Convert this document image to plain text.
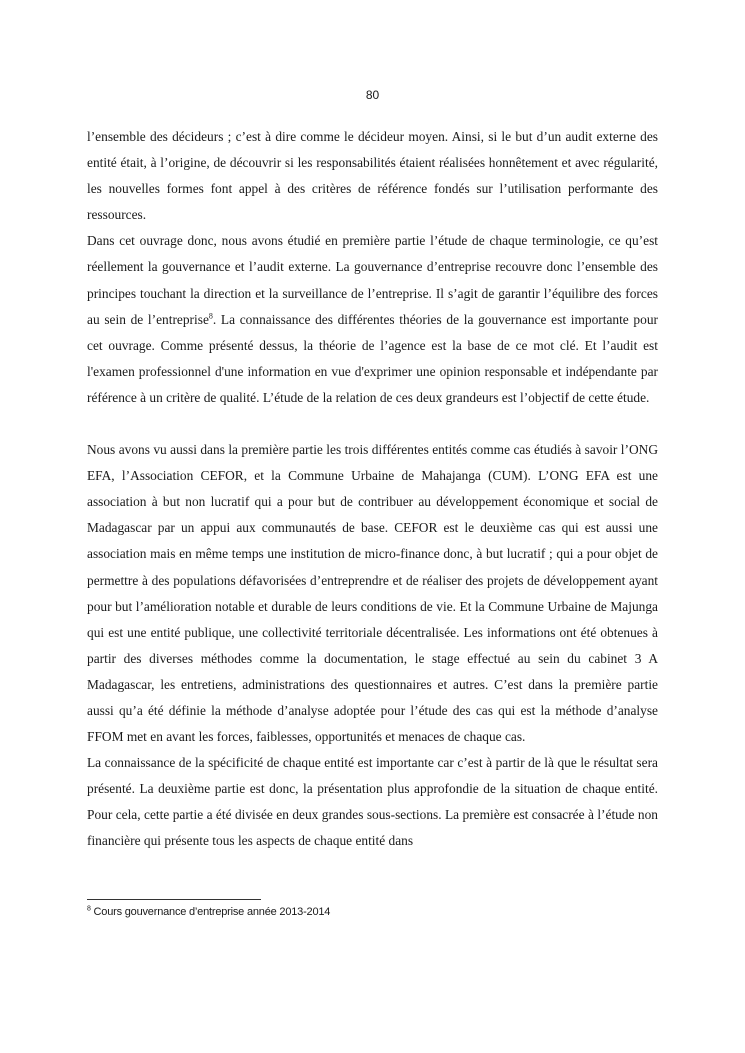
80

l’ensemble des décideurs ; c’est à dire comme le décideur moyen. Ainsi, si le but d’un audit externe des entité était, à l’origine, de découvrir si les responsabilités étaient réalisées honnêtement et avec régularité, les nouvelles formes font appel à des critères de référence fondés sur l’utilisation performante des ressources.

Dans cet ouvrage donc, nous avons étudié en première partie l’étude de chaque terminologie, ce qu’est réellement la gouvernance et l’audit externe. La gouvernance d’entreprise recouvre donc l’ensemble des principes touchant la direction et la surveillance de l’entreprise. Il s’agit de garantir l’équilibre des forces au sein de l’entreprise$^8$. La connaissance des différentes théories de la gouvernance est importante pour cet ouvrage. Comme présenté dessus, la théorie de l’agence est la base de ce mot clé. Et l’audit est l'examen professionnel d'une information en vue d'exprimer une opinion responsable et indépendante par référence à un critère de qualité. L’étude de la relation de ces deux grandeurs est l’objectif de cette étude.

Nous avons vu aussi dans la première partie les trois différentes entités comme cas étudiés à savoir l’ONG EFA, l’Association CEFOR, et la Commune Urbaine de Mahajanga (CUM). L’ONG EFA est une association à but non lucratif qui a pour but de contribuer au développement économique et social de Madagascar par un appui aux communautés de base. CEFOR est le deuxième cas qui est aussi une association mais en même temps une institution de micro-finance donc, à but lucratif ; qui a pour objet de permettre à des populations défavorisées d’entreprendre et de réaliser des projets de développement ayant pour but l’amélioration notable et durable de leurs conditions de vie. Et la Commune Urbaine de Majunga qui est une entité publique, une collectivité territoriale décentralisée. Les informations ont été obtenues à partir des diverses méthodes comme la documentation, le stage effectué au sein du cabinet 3 A Madagascar, les entretiens, administrations des questionnaires et autres. C’est dans la première partie aussi qu’a été définie la méthode d’analyse adoptée pour l’étude des cas qui est la méthode d’analyse FFOM met en avant les forces, faiblesses, opportunités et menaces de chaque cas.

La connaissance de la spécificité de chaque entité est importante car c’est à partir de là que le résultat sera présenté. La deuxième partie est donc, la présentation plus approfondie de la situation de chaque entité. Pour cela, cette partie a été divisée en deux grandes sous-sections. La première est consacrée à l’étude non financière qui présente tous les aspects de chaque entité dans

$^8$ Cours gouvernance d’entreprise année 2013-2014
